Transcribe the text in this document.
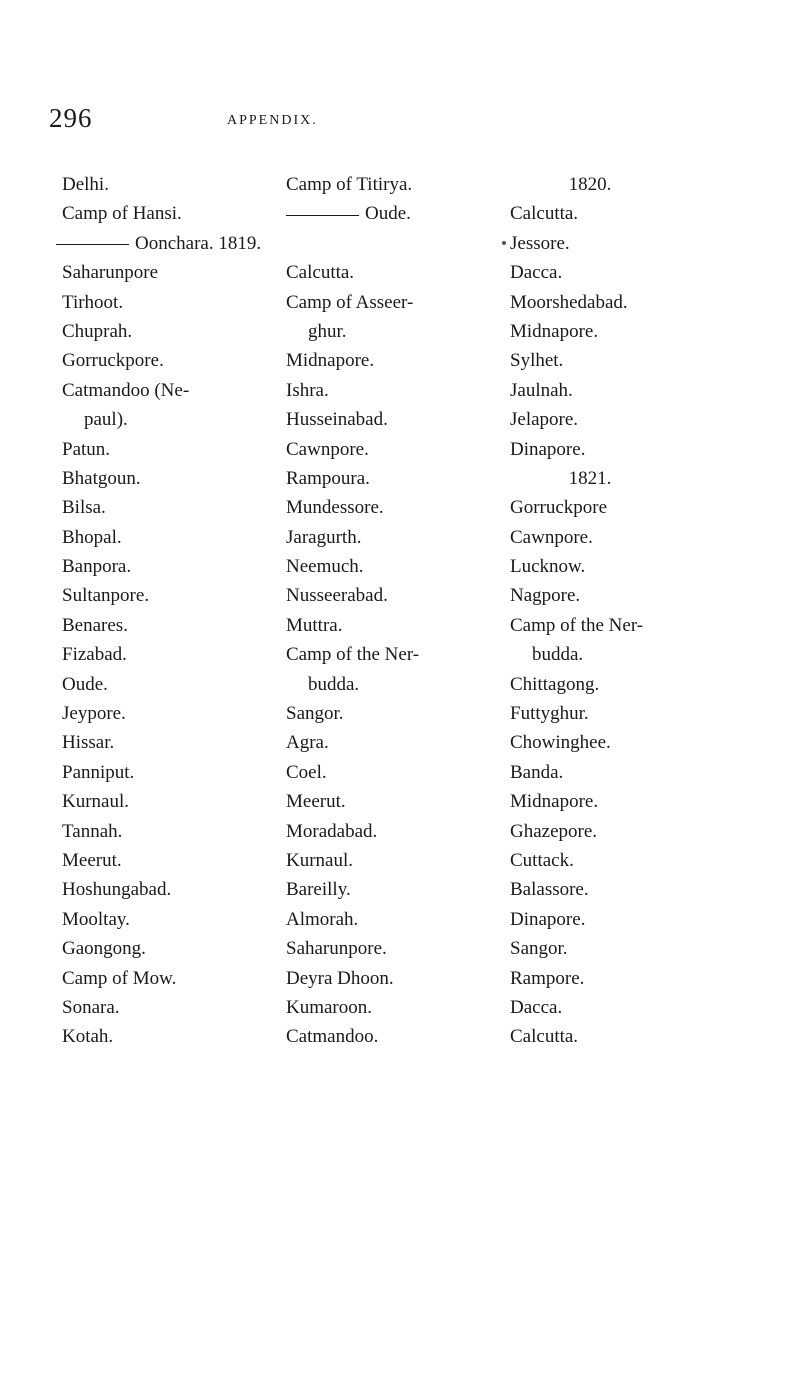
296	APPENDIX.
Delhi.
Camp of Hansi.
Oonchara. 1819.
Saharunpore
Tirhoot.
Chuprah.
Gorruckpore.
Catmandoo (Ne-
paul).
Patun.
Bhatgoun.
Bilsa.
Bhopal.
Banpora.
Sultanpore.
Benares.
Fizabad.
Oude.
Jeypore.
Hissar.
Panniput.
Kurnaul.
Tannah.
Meerut.
Hoshungabad.
Mooltay.
Gaongong.
Camp of Mow.
Sonara.
Kotah.
Camp of Titirya.
Oude.
Calcutta.
Camp of Asseer-
ghur.
Midnapore.
Ishra.
Husseinabad.
Cawnpore.
Rampoura.
Mundessore.
Jaragurth.
Neemuch.
Nusseerabad.
Muttra.
Camp of the Ner-
budda.
Sangor.
Agra.
Coel.
Meerut.
Moradabad.
Kurnaul.
Bareilly.
Almorah.
Saharunpore.
Deyra Dhoon.
Kumaroon.
Catmandoo.
1820.
Calcutta.
Jessore.
Dacca.
Moorshedabad.
Midnapore.
Sylhet.
Jaulnah.
Jelapore.
Dinapore.
1821.
Gorruckpore
Cawnpore.
Lucknow.
Nagpore.
Camp of the Ner-
budda.
Chittagong.
Futtyghur.
Chowinghee.
Banda.
Midnapore.
Ghazepore.
Cuttack.
Balassore.
Dinapore.
Sangor.
Rampore.
Dacca.
Calcutta.
